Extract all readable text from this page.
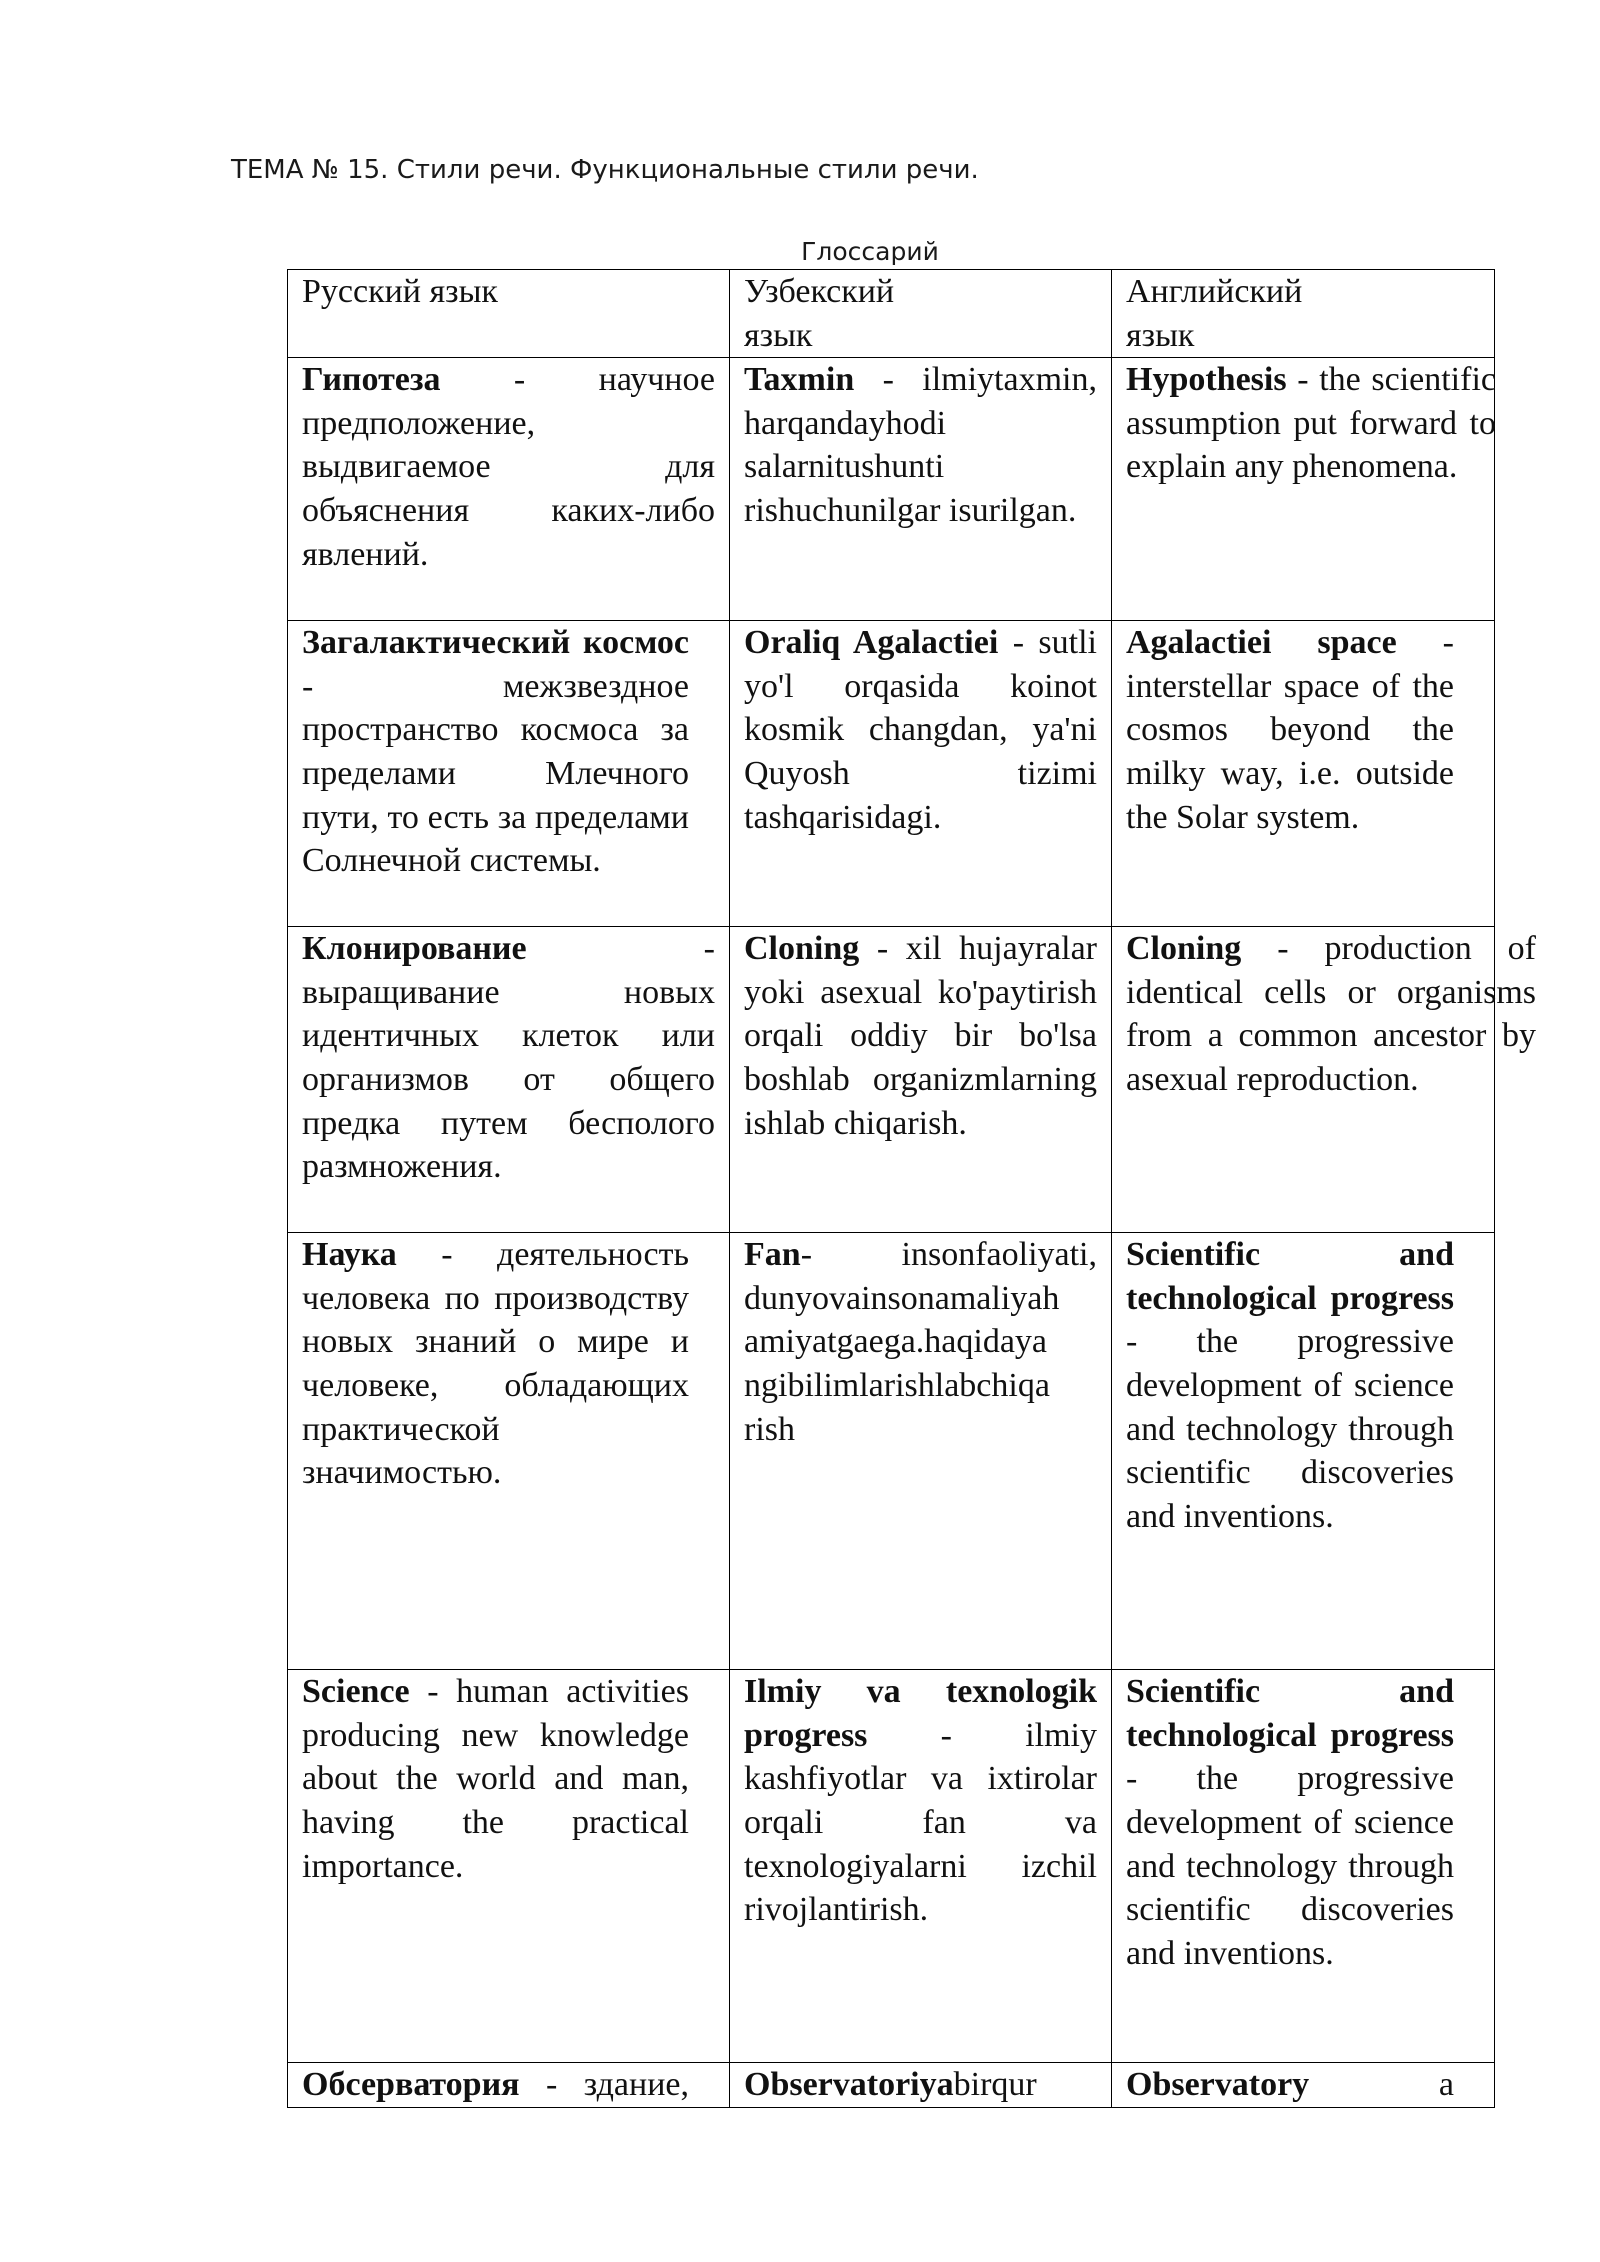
ТЕМА № 15. Стили речи. Функциональные стили речи.
Глоссарий
Русский язык	Узбекский язык	Английский язык
Гипотеза - научное предположение, выдвигаемое для объяснения каких-либо явлений.	Taxmin - ilmiytaxmin, harqandayhodi salarnitushunti rishuchunilgar isurilgan.	Hypothesis - the scientific assumption put forward to explain any phenomena.

Загалактический космос - межзвездное пространство космоса за пределами Млечного пути, то есть за пределами Солнечной системы.	Oraliq Agalactiei - sutli yo'l orqasida koinot kosmik changdan, ya'ni Quyosh tizimi tashqarisidagi.	Agalactiei space - interstellar space of the cosmos beyond the milky way, i.e. outside the Solar system.
Клонирование - выращивание новых идентичных клеток или организмов от общего предка путем бесполого размножения.	Cloning - xil hujayralar yoki asexual ko'paytirish orqali oddiy bir bo'lsa boshlab organizmlarning ishlab chiqarish.	Cloning - production of identical cells or organisms from a common ancestor by asexual reproduction.

Наука - деятельность человека по производству новых знаний о мире и человеке, обладающих практической значимостью.	Fan- insonfaoliyati, dunyovainsonamaliyah amiyatgaega.haqidaya ngibilimlarishlabchiqa rish	Scientific and technological progress - the progressive development of science and technology through scientific discoveries and inventions.
Science - human activities producing new knowledge about the world and man, having the practical importance.	Ilmiy va texnologik progress - ilmiy kashfiyotlar va ixtirolar orqali fan va texnologiyalarni izchil rivojlantirish.	Scientific and technological progress - the progressive development of science and technology through scientific discoveries and inventions.
Обсерватория - здание,	Observatoriyabirqur	Observatory a
